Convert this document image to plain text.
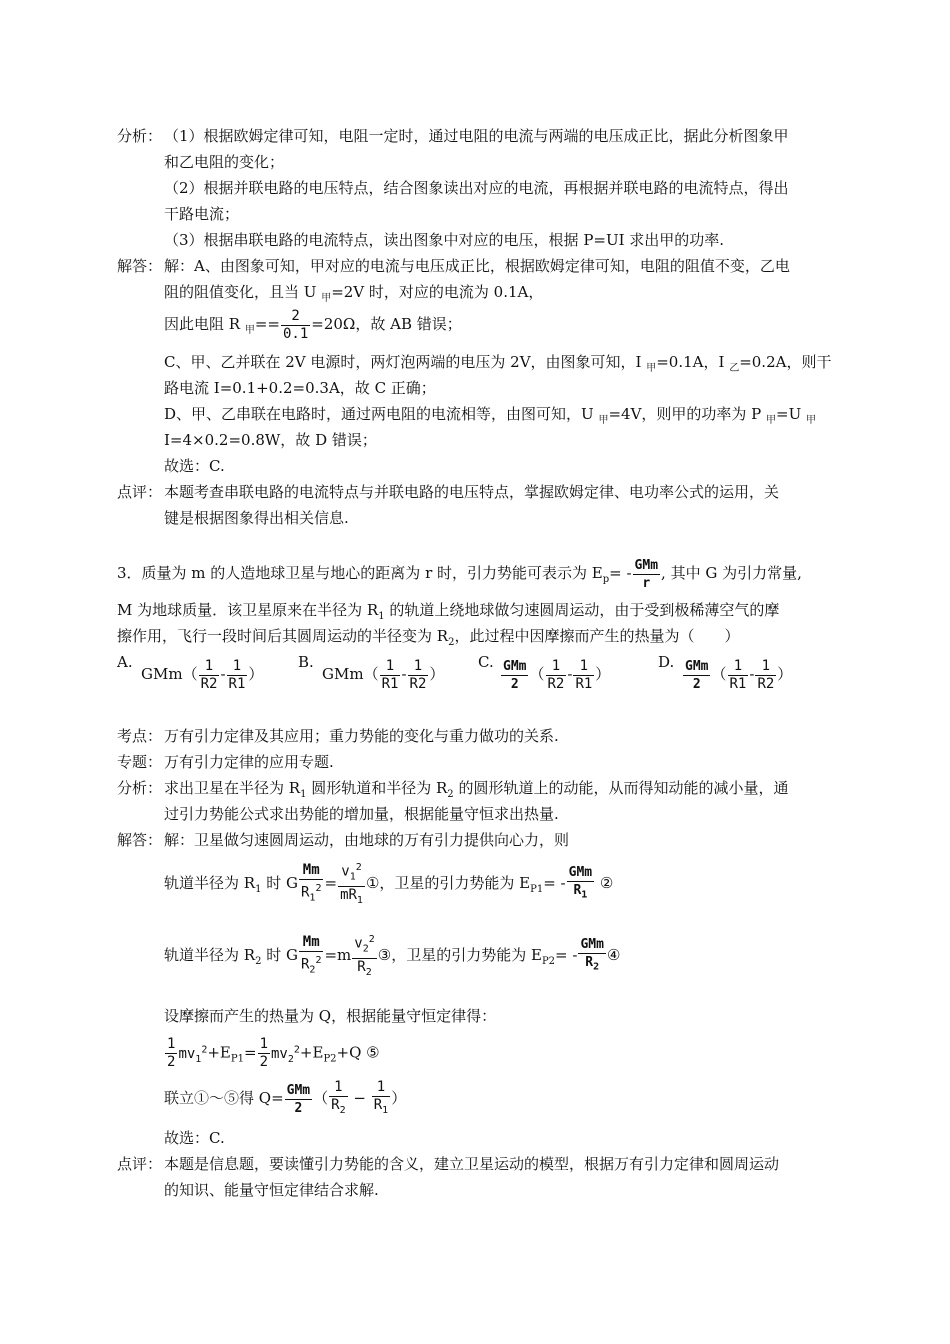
分析： （1）根据欧姆定律可知，电阻一定时，通过电阻的电流与两端的电压成正比，据此分析图象甲
和乙电阻的变化；
（2）根据并联电路的电压特点，结合图象读出对应的电流，再根据并联电路的电流特点，得出
干路电流；
（3）根据串联电路的电流特点，读出图象中对应的电压，根据 P=UI 求出甲的功率.
解答： 解：A、由图象可知，甲对应的电流与电压成正比，根据欧姆定律可知，电阻的阻值不变，乙电
阻的阻值变化，且当 U $_甲$=2V 时，对应的电流为 0.1A，
因此电阻 R $_甲== \frac{2}{0.1} =20\Omega$，故 AB 错误；
C、甲、乙并联在 2V 电源时，两灯泡两端的电压为 2V，由图象可知，I $_甲$=0.1A，I $_乙$=0.2A，则干
路电流 I=0.1+0.2=0.3A，故 C 正确；
D、甲、乙串联在电路时，通过两电阻的电流相等，由图可知，U $_甲$=4V，则甲的功率为 P $_甲$=U $_甲$
I=4×0.2=0.8W，故 D 错误；
故选：C.
点评： 本题考查串联电路的电流特点与并联电路的电压特点，掌握欧姆定律、电功率公式的运用，关
键是根据图象得出相关信息.
3．质量为 m 的人造地球卫星与地心的距离为 r 时，引力势能可表示为 $E_p= - \frac{\text{GMm}}{r}$ , 其中 G 为引力常量,
M 为地球质量．该卫星原来在半径为 $R_1$ 的轨道上绕地球做匀速圆周运动，由于受到极稀薄空气的摩
擦作用，飞行一段时间后其圆周运动的半径变为 $R_2$，此过程中因摩擦而产生的热量为（　　）
A.
$GMm( \frac{1}{R2} - \frac{1}{R1}$ ）
B.
$GMm( \frac{1}{R1} - \frac{1}{R2}$ ）
C. $\frac{\text{GMm}}{2}$ （ $\frac{1}{R2} - \frac{1}{R1}$ ）
D. $\frac{\text{GMm}}{2}$ （ $\frac{1}{R1} - \frac{1}{R2}$ ）
考点： 万有引力定律及其应用；重力势能的变化与重力做功的关系.
专题： 万有引力定律的应用专题.
分析： 求出卫星在半径为 $R_1$ 圆形轨道和半径为 $R_2$ 的圆形轨道上的动能，从而得知动能的减小量，通
过引力势能公式求出势能的增加量，根据能量守恒求出热量.
解答： 解：卫星做匀速圆周运动，由地球的万有引力提供向心力，则
轨道半径为 $R_1$ 时 G $\frac{Mm}{R_1^2} = \frac{v_1^2}{mR_1}$ ①，卫星的引力势能为 $E_{P1}= - \frac{\text{GMm}}{R_1}$ ②
轨道半径为 $R_2$ 时 G $\frac{Mm}{R_2^2} =m \frac{v_2^2}{R_2}$ ③，卫星的引力势能为 $E_{P2}= - \frac{\text{GMm}}{R_2}$ ④
设摩擦而产生的热量为 Q，根据能量守恒定律得：
$\frac{1}{2} mv_1^2+E_{P1}= \frac{1}{2} mv_2^2+E_{P2}+Q$ ⑤
联立①～⑤得 $Q= \frac{\text{GMm}}{2}$ （ $\frac{1}{R_2} - \frac{1}{R_1}$ ）
故选：C.
点评： 本题是信息题，要读懂引力势能的含义，建立卫星运动的模型，根据万有引力定律和圆周运动
的知识、能量守恒定律结合求解.
